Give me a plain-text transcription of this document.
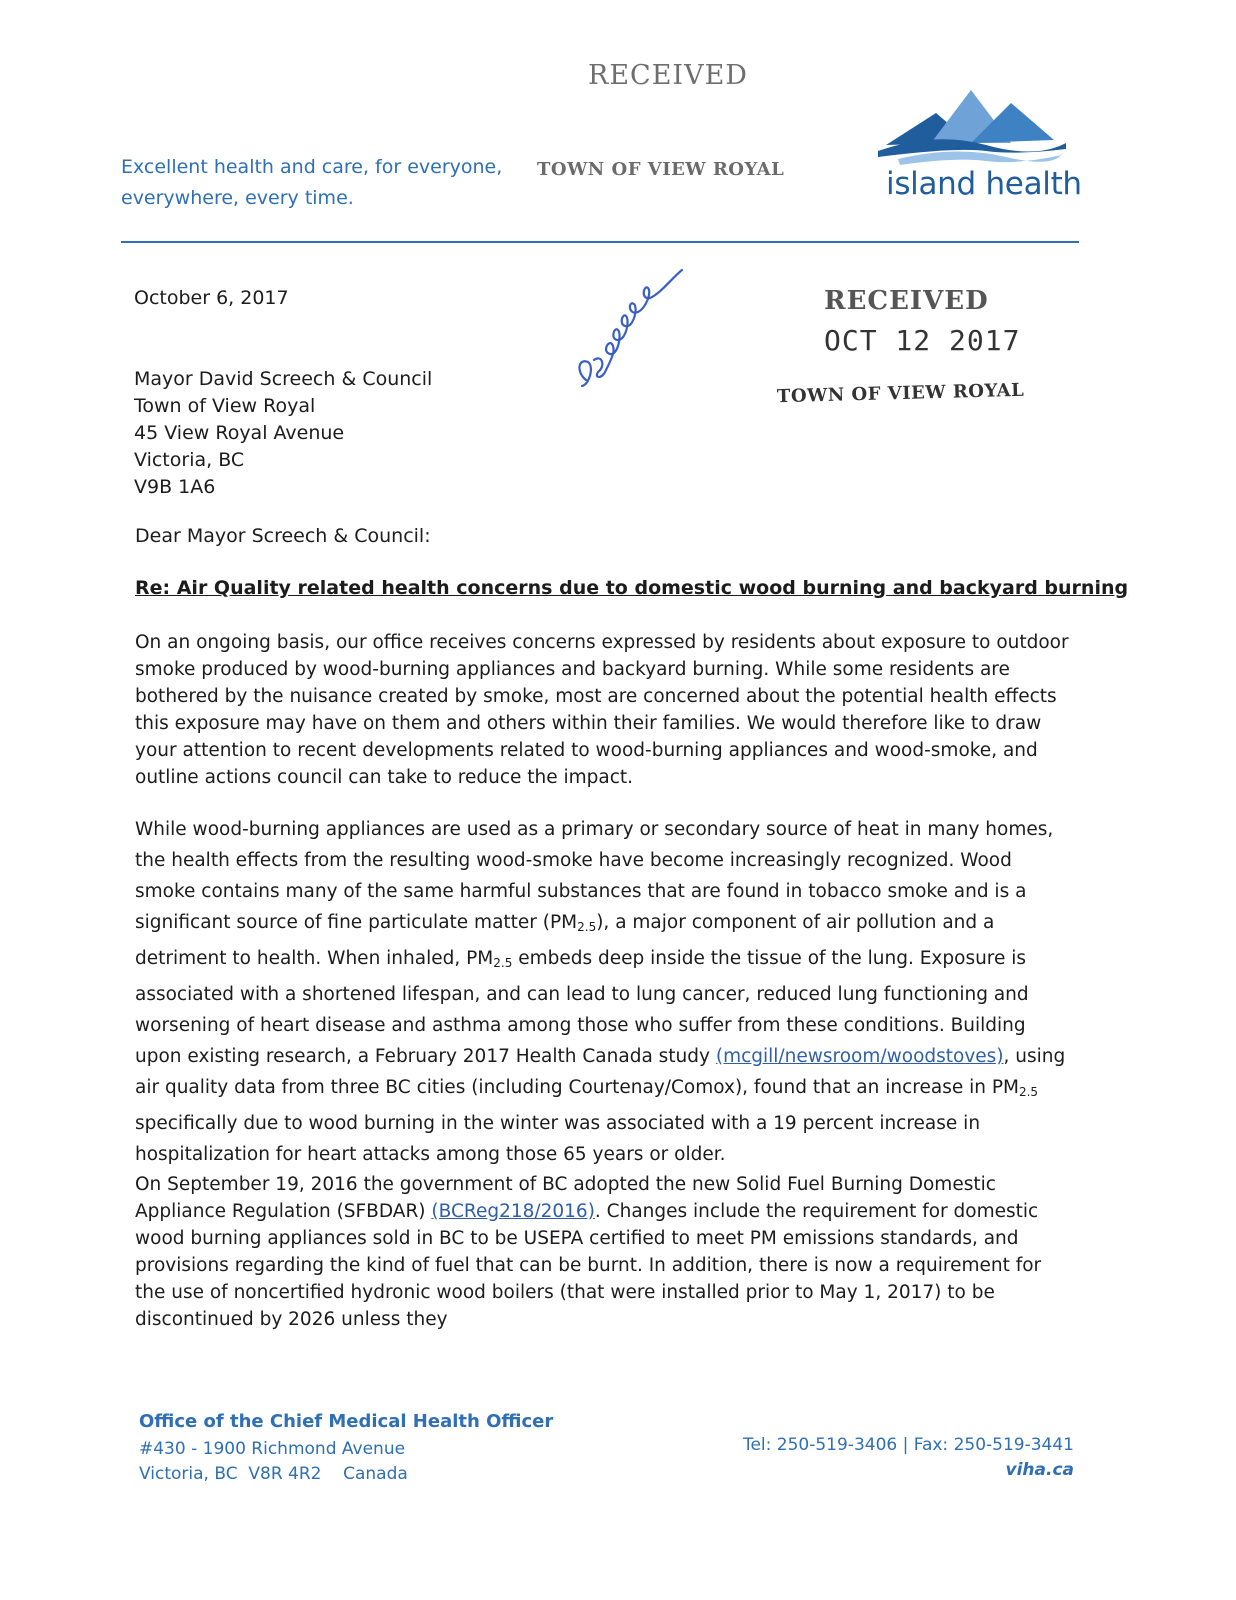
RECEIVED
TOWN OF VIEW ROYAL
Excellent health and care, for everyone,
everywhere, every time.	island health
October 6, 2017
Mayor David Screech & Council
Town of View Royal
45 View Royal Avenue
Victoria, BC
V9B 1A6
RECEIVED
OCT 12 2017
TOWN OF VIEW ROYAL
Dear Mayor Screech & Council:
Re: Air Quality related health concerns due to domestic wood burning and backyard burning
On an ongoing basis, our office receives concerns expressed by residents about exposure to outdoor smoke produced by wood-burning appliances and backyard burning. While some residents are bothered by the nuisance created by smoke, most are concerned about the potential health effects this exposure may have on them and others within their families. We would therefore like to draw your attention to recent developments related to wood-burning appliances and wood-smoke, and outline actions council can take to reduce the impact.
While wood-burning appliances are used as a primary or secondary source of heat in many homes, the health effects from the resulting wood-smoke have become increasingly recognized. Wood smoke contains many of the same harmful substances that are found in tobacco smoke and is a significant source of fine particulate matter $(PM_{2.5})$, a major component of air pollution and a detriment to health. When inhaled, $PM_{2.5}$ embeds deep inside the tissue of the lung. Exposure is associated with a shortened lifespan, and can lead to lung cancer, reduced lung functioning and worsening of heart disease and asthma among those who suffer from these conditions. Building upon existing research, a February 2017 Health Canada study (mcgill/newsroom/woodstoves), using air quality data from three BC cities (including Courtenay/Comox), found that an increase in $PM_{2.5}$ specifically due to wood burning in the winter was associated with a 19 percent increase in hospitalization for heart attacks among those 65 years or older.
On September 19, 2016 the government of BC adopted the new Solid Fuel Burning Domestic Appliance Regulation (SFBDAR) (BCReg218/2016). Changes include the requirement for domestic wood burning appliances sold in BC to be USEPA certified to meet PM emissions standards, and provisions regarding the kind of fuel that can be burnt. In addition, there is now a requirement for the use of noncertified hydronic wood boilers (that were installed prior to May 1, 2017) to be discontinued by 2026 unless they
Office of the Chief Medical Health Officer
#430 - 1900 Richmond Avenue
Victoria, BC  V8R 4R2    Canada
Tel: 250-519-3406 | Fax: 250-519-3441
viha.ca
